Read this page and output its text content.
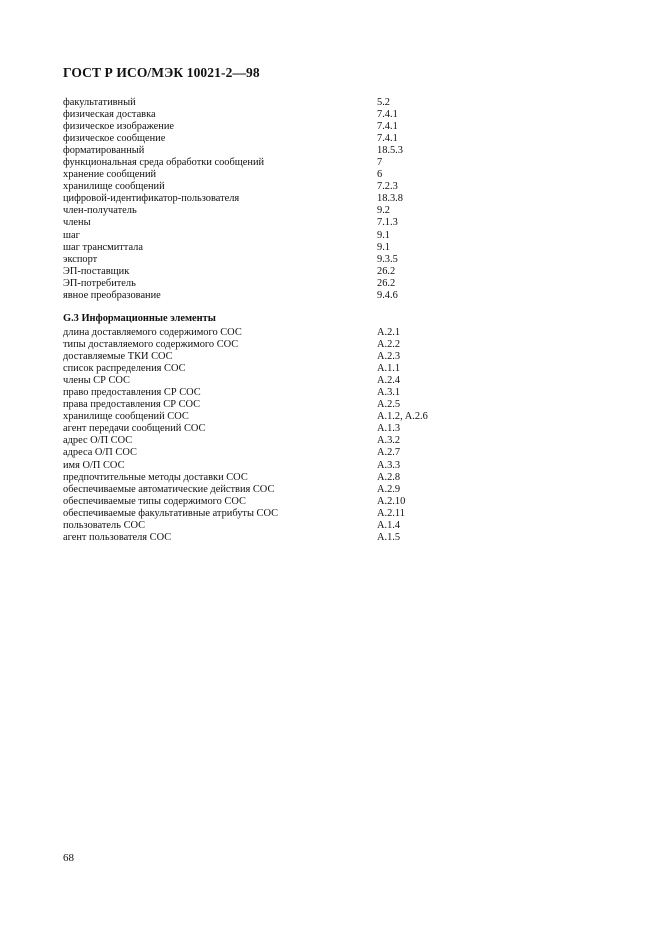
ГОСТ Р ИСО/МЭК 10021-2—98
факультативный	5.2
физическая доставка	7.4.1
физическое изображение	7.4.1
физическое сообщение	7.4.1
форматированный	18.5.3
функциональная среда обработки сообщений	7
хранение сообщений	6
хранилище сообщений	7.2.3
цифровой-идентификатор-пользователя	18.3.8
член-получатель	9.2
члены	7.1.3
шаг	9.1
шаг трансмиттала	9.1
экспорт	9.3.5
ЭП-поставщик	26.2
ЭП-потребитель	26.2
явное преобразование	9.4.6
G.3 Информационные элементы
длина доставляемого содержимого СОС	A.2.1
типы доставляемого содержимого СОС	A.2.2
доставляемые ТКИ СОС	A.2.3
список распределения СОС	A.1.1
члены СР СОС	A.2.4
право предоставления СР СОС	A.3.1
права предоставления СР СОС	A.2.5
хранилище сообщений СОС	A.1.2, A.2.6
агент передачи сообщений СОС	A.1.3
адрес О/П СОС	A.3.2
адреса О/П СОС	A.2.7
имя О/П СОС	A.3.3
предпочтительные методы доставки СОС	A.2.8
обеспечиваемые автоматические действия СОС	A.2.9
обеспечиваемые типы содержимого СОС	A.2.10
обеспечиваемые факультативные атрибуты СОС	A.2.11
пользователь СОС	A.1.4
агент пользователя СОС	A.1.5
68
